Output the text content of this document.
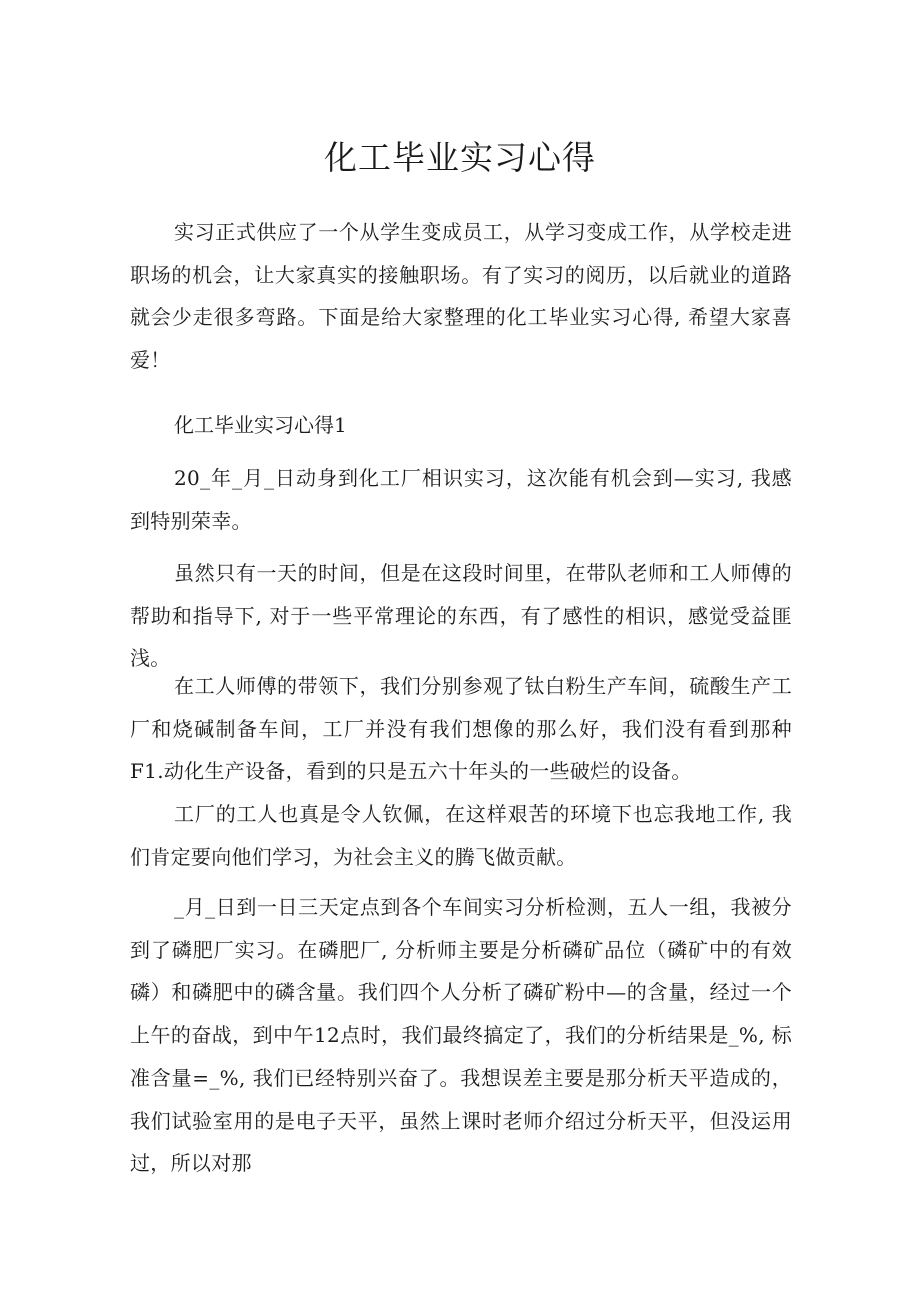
化工毕业实习心得

实习正式供应了一个从学生变成员工，从学习变成工作，从学校走进职场的机会，让大家真实的接触职场。有了实习的阅历，以后就业的道路就会少走很多弯路。下面是给大家整理的化工毕业实习心得, 希望大家喜爱！

化工毕业实习心得1

20_年_月_日动身到化工厂相识实习，这次能有机会到—实习, 我感到特别荣幸。

虽然只有一天的时间，但是在这段时间里，在带队老师和工人师傅的帮助和指导下, 对于一些平常理论的东西，有了感性的相识，感觉受益匪浅。

在工人师傅的带领下，我们分别参观了钛白粉生产车间，硫酸生产工厂和烧碱制备车间，工厂并没有我们想像的那么好，我们没有看到那种F1.动化生产设备，看到的只是五六十年头的一些破烂的设备。

工厂的工人也真是令人钦佩，在这样艰苦的环境下也忘我地工作, 我们肯定要向他们学习，为社会主义的腾飞做贡献。

_月_日到一日三天定点到各个车间实习分析检测，五人一组，我被分到了磷肥厂实习。在磷肥厂, 分析师主要是分析磷矿品位（磷矿中的有效磷）和磷肥中的磷含量。我们四个人分析了磷矿粉中—的含量，经过一个上午的奋战，到中午12点时，我们最终搞定了，我们的分析结果是_%, 标准含量=_%, 我们已经特别兴奋了。我想误差主要是那分析天平造成的，我们试验室用的是电子天平，虽然上课时老师介绍过分析天平，但没运用过，所以对那
